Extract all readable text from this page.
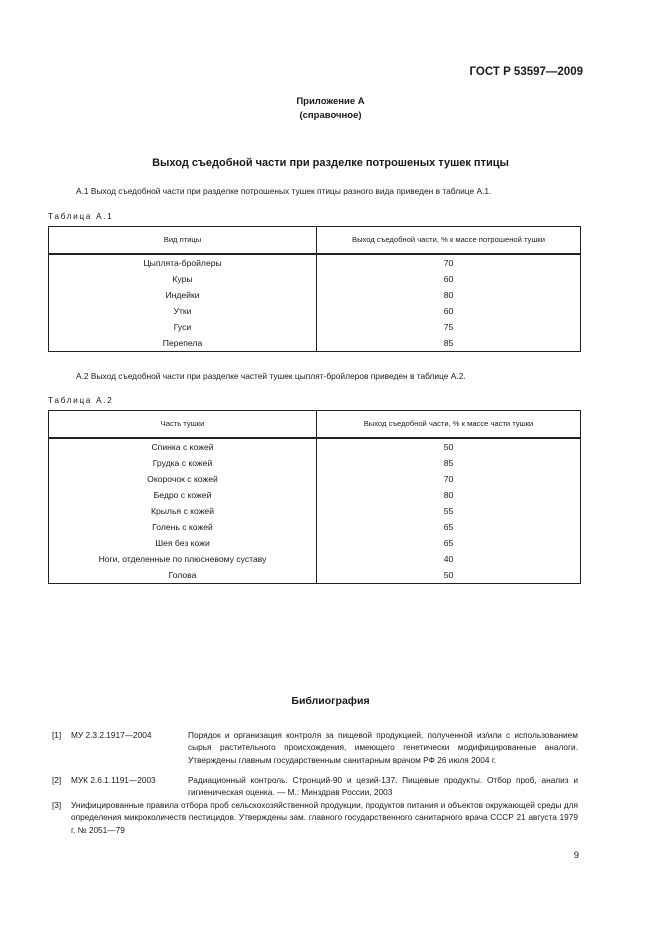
ГОСТ Р 53597—2009
Приложение А
(справочное)
Выход съедобной части при разделке потрошеных тушек птицы
А.1 Выход съедобной части при разделке потрошеных тушек птицы разного вида приведен в таблице А.1.
Таблица А.1
Вид птицы	Выход съедобной части, % к массе потрошеной тушки
Цыплята-бройлеры	70
Куры	60
Индейки	80
Утки	60
Гуси	75
Перепела	85
А.2 Выход съедобной части при разделке частей тушек цыплят-бройлеров приведен в таблице А.2.
Таблица А.2
Часть тушки	Выход съедобной части, % к массе части тушки
Спинка с кожей	50
Грудка с кожей	85
Окорочок с кожей	70
Бедро с кожей	80
Крылья с кожей	55
Голень с кожей	65
Шея без кожи	65
Ноги, отделенные по плюсневому суставу	40
Голова	50
Библиография
[1] МУ 2.3.2.1917—2004	Порядок и организация контроля за пищевой продукцией, полученной из/или с использованием сырья растительного происхождения, имеющего генетически модифицированные аналоги. Утверждены главным государственным санитарным врачом РФ 26 июля 2004 г.
[2] МУК 2.6.1.1191—2003	Радиационный контроль. Стронций-90 и цезий-137. Пищевые продукты. Отбор проб, анализ и гигиеническая оценка. — М.: Минздрав России, 2003
[3] Унифицированные правила отбора проб сельскохозяйственной продукции, продуктов питания и объектов окружающей среды для определения микроколичеств пестицидов. Утверждены зам. главного государственного санитарного врача СССР 21 августа 1979 г. № 2051—79
9
